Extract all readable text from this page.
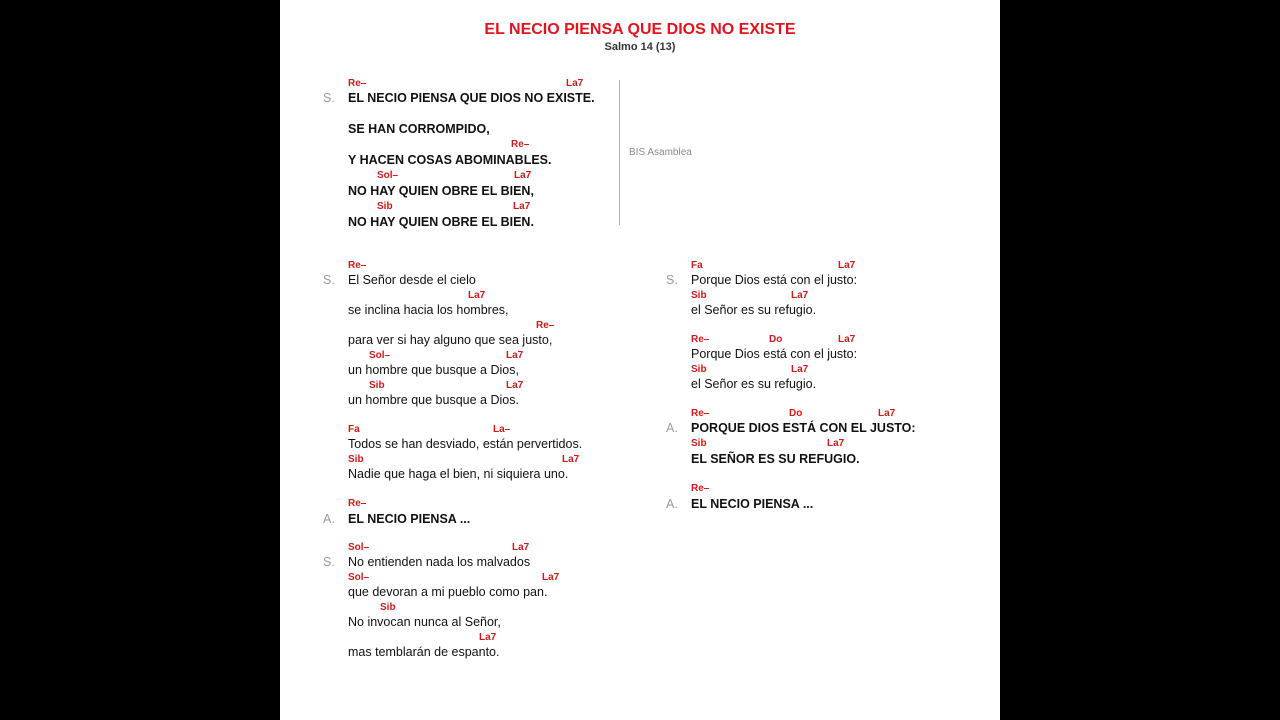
EL NECIO PIENSA QUE DIOS NO EXISTE
Salmo 14 (13)
Re–	La7
S. EL NECIO PIENSA QUE DIOS NO EXISTE.
SE HAN CORROMPIDO,
Re–
Y HACEN COSAS ABOMINABLES.
Sol–	La7
NO HAY QUIEN OBRE EL BIEN,
Sib	La7
NO HAY QUIEN OBRE EL BIEN.
BIS Asamblea
Re–
S. El Señor desde el cielo
La7
se inclina hacia los hombres,
Re–
para ver si hay alguno que sea justo,
Sol–	La7
un hombre que busque a Dios,
Sib	La7
un hombre que busque a Dios.
Fa	La–
Todos se han desviado, están pervertidos.
Sib	La7
Nadie que haga el bien, ni siquiera uno.
Re–
A. EL NECIO PIENSA ...
Sol–	La7
S. No entienden nada los malvados
Sol–	La7
que devoran a mi pueblo como pan.
Sib
No invocan nunca al Señor,
La7
mas temblarán de espanto.
Fa	La7
S. Porque Dios está con el justo:
Sib	La7
el Señor es su refugio.
Re–	Do	La7
Porque Dios está con el justo:
Sib	La7
el Señor es su refugio.
Re–	Do	La7
A. PORQUE DIOS ESTÁ CON EL JUSTO:
Sib	La7
EL SEÑOR ES SU REFUGIO.
Re–
A. EL NECIO PIENSA ...
